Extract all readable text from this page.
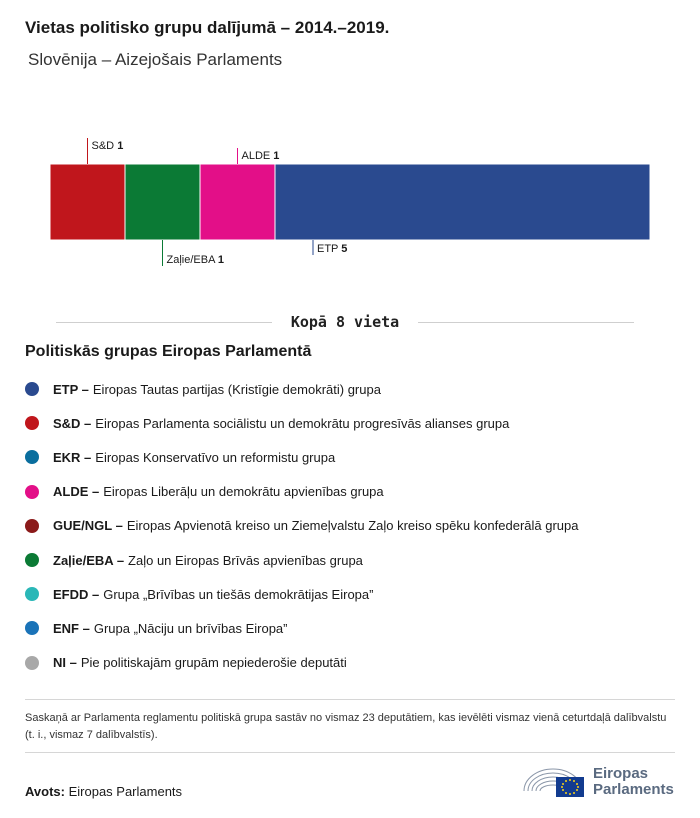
Vietas politisko grupu dalījumā – 2014.–2019.
Slovēnija – Aizejošais Parlaments
S&D 1
Zaļie/EBA 1
ALDE 1
ETP 5
Kopā 8 vieta
Politiskās grupas Eiropas Parlamentā
ETP – Eiropas Tautas partijas (Kristīgie demokrāti) grupa
S&D – Eiropas Parlamenta sociālistu un demokrātu progresīvās alianses grupa
EKR – Eiropas Konservatīvo un reformistu grupa
ALDE – Eiropas Liberāļu un demokrātu apvienības grupa
GUE/NGL – Eiropas Apvienotā kreiso un Ziemeļvalstu Zaļo kreiso spēku konfederālā grupa
Zaļie/EBA – Zaļo un Eiropas Brīvās apvienības grupa
EFDD – Grupa „Brīvības un tiešās demokrātijas Eiropa”
ENF – Grupa „Nāciju un brīvības Eiropa”
NI – Pie politiskajām grupām nepiederošie deputāti
Saskaņā ar Parlamenta reglamentu politiskā grupa sastāv no vismaz 23 deputātiem, kas ievēlēti vismaz vienā ceturtdaļā dalībvalstu (t. i., vismaz 7 dalībvalstīs).
Avots: Eiropas Parlaments
Eiropas
Parlaments
